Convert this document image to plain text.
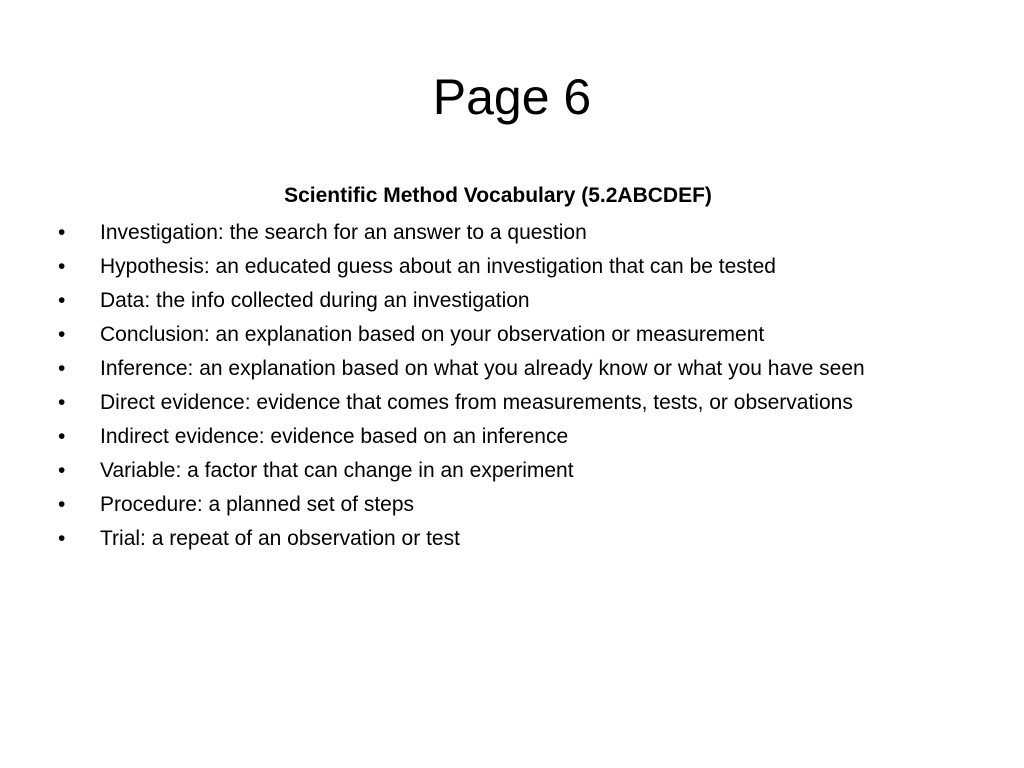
Page 6

Scientific Method Vocabulary (5.2ABCDEF)

•	Investigation: the search for an answer to a question
•	Hypothesis: an educated guess about an investigation that can be tested
•	Data: the info collected during an investigation
•	Conclusion: an explanation based on your observation or measurement
•	Inference: an explanation based on what you already know or what you have seen
•	Direct evidence: evidence that comes from measurements, tests, or observations
•	Indirect evidence: evidence based on an inference
•	Variable: a factor that can change in an experiment
•	Procedure: a planned set of steps
•	Trial: a repeat of an observation or test
